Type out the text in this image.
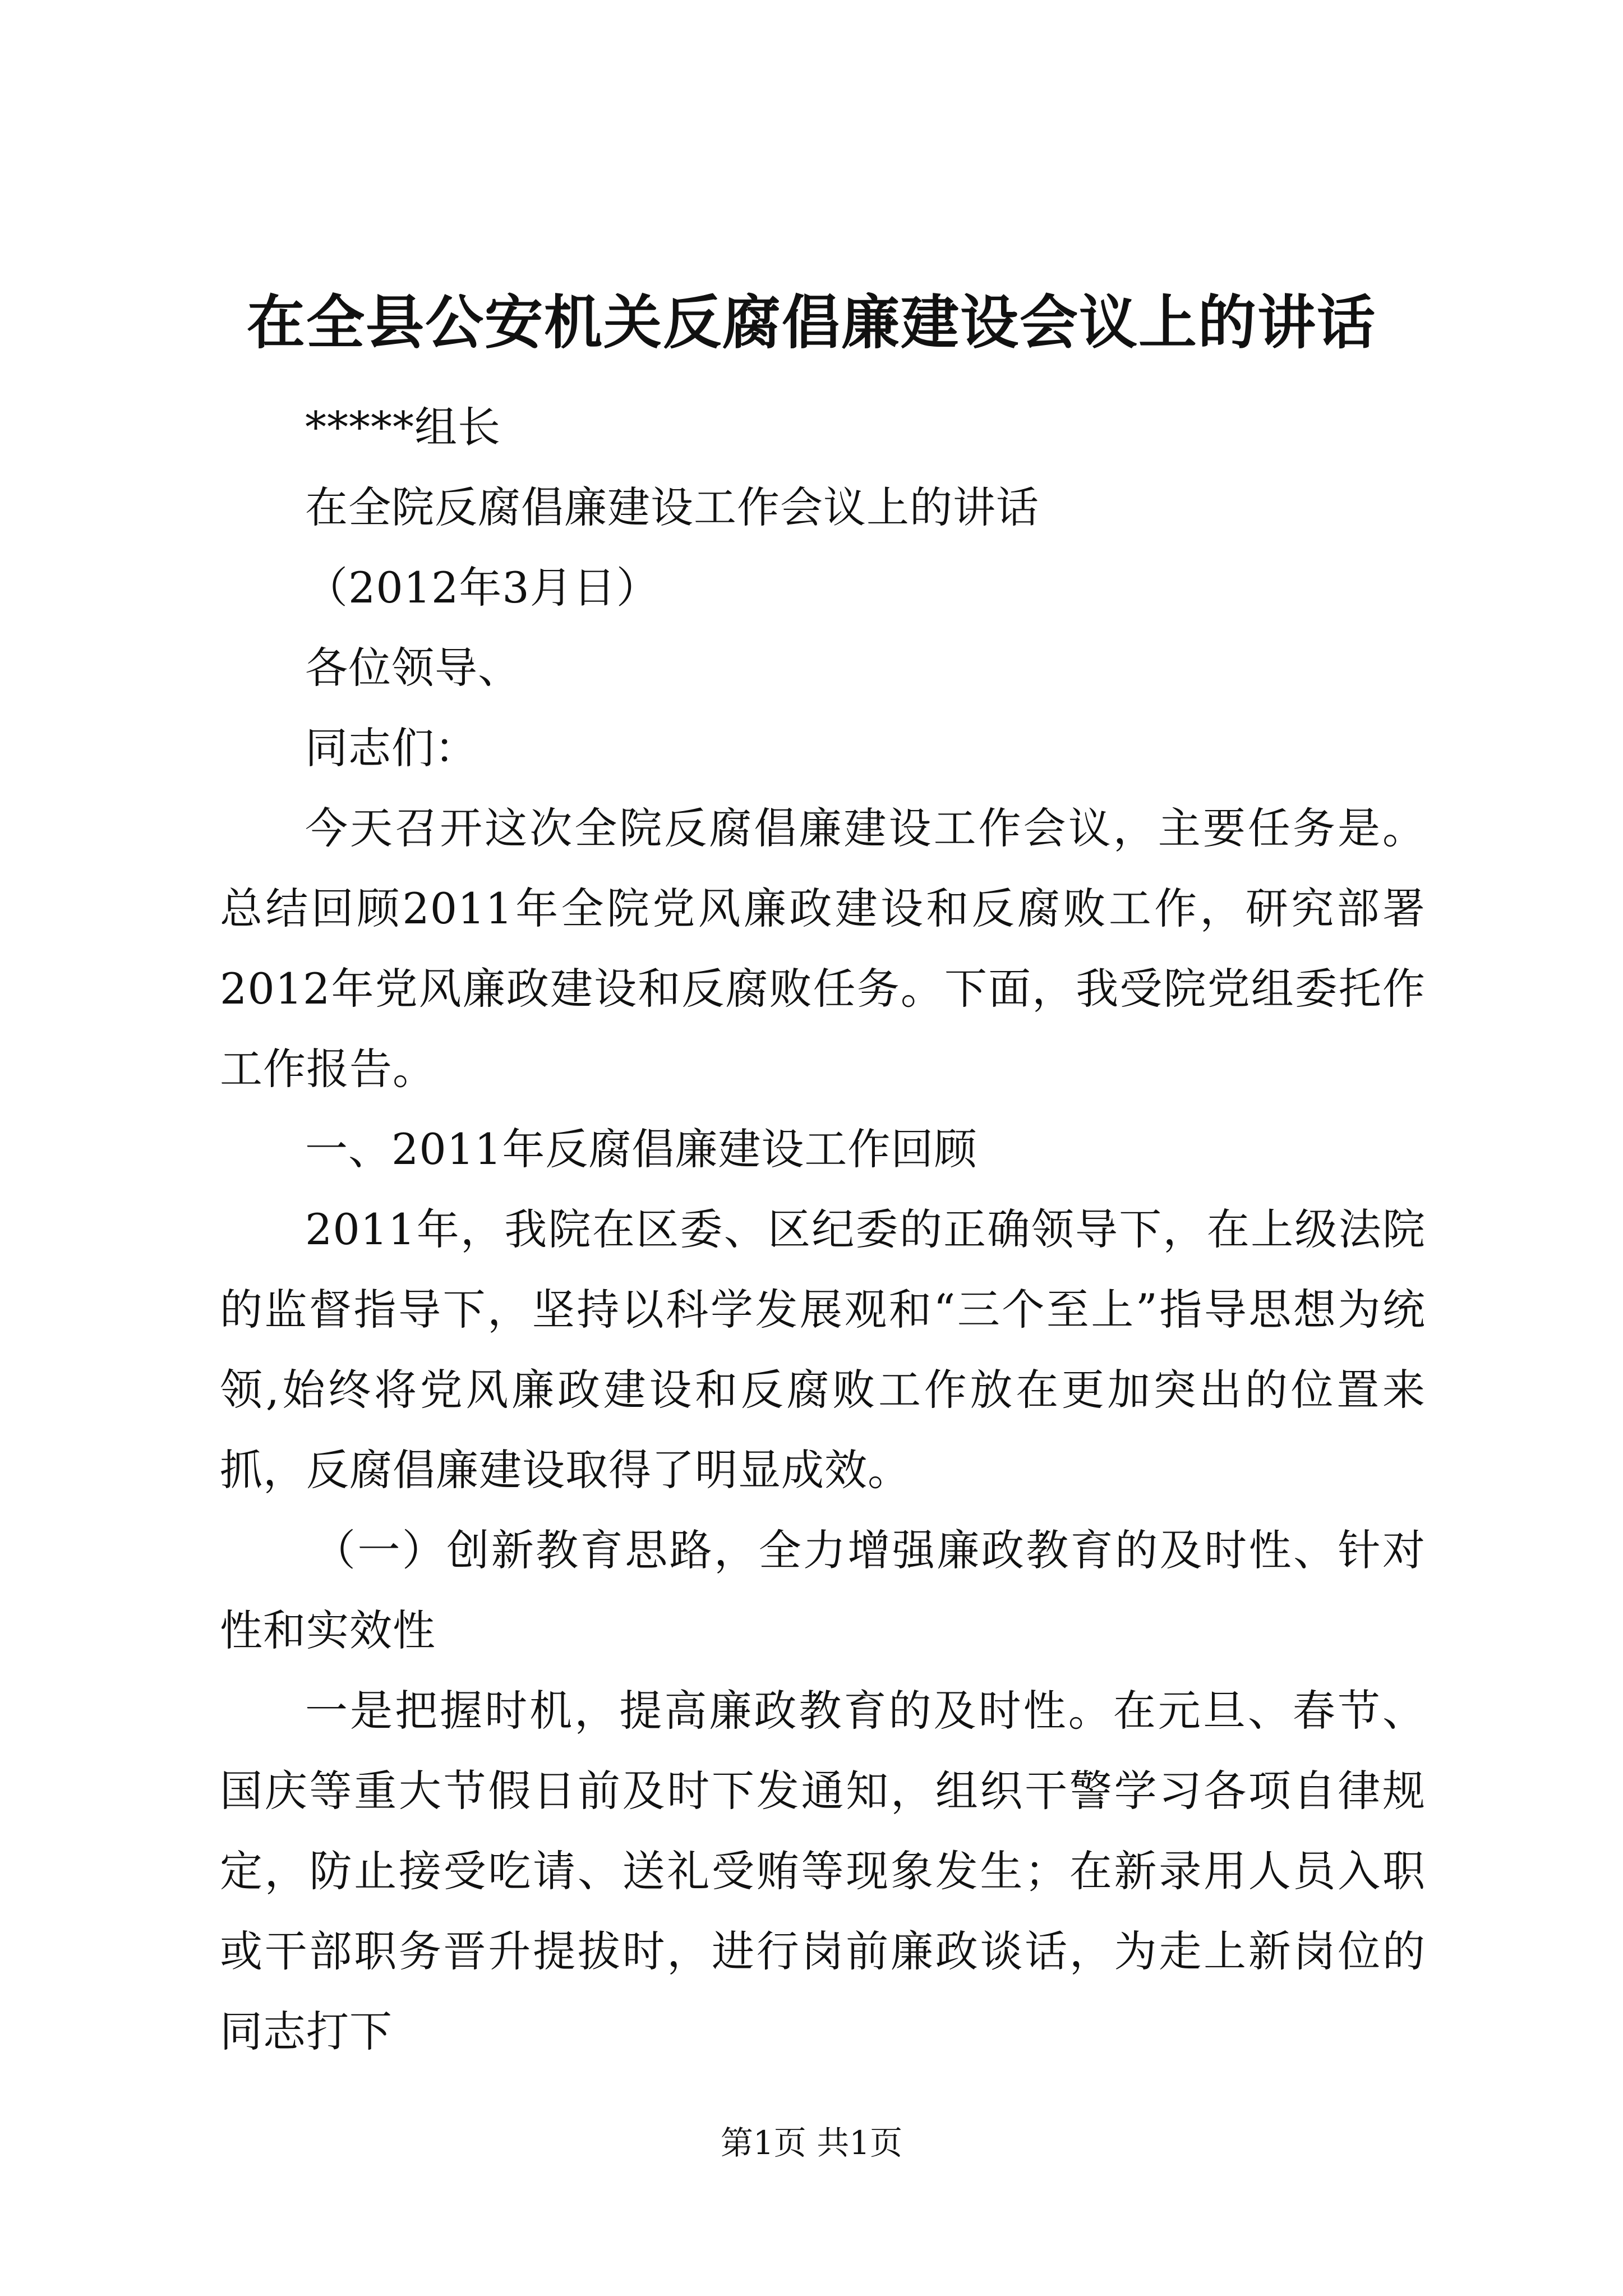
在全县公安机关反腐倡廉建设会议上的讲话

*****组长

在全院反腐倡廉建设工作会议上的讲话

（2012年3月日）

各位领导、

同志们：

今天召开这次全院反腐倡廉建设工作会议，主要任务是。总结回顾2011年全院党风廉政建设和反腐败工作，研究部署2012年党风廉政建设和反腐败任务。下面，我受院党组委托作工作报告。

一、2011年反腐倡廉建设工作回顾

2011年，我院在区委、区纪委的正确领导下，在上级法院的监督指导下，坚持以科学发展观和“三个至上”指导思想为统领,始终将党风廉政建设和反腐败工作放在更加突出的位置来抓，反腐倡廉建设取得了明显成效。

（一）创新教育思路，全力增强廉政教育的及时性、针对性和实效性

一是把握时机，提高廉政教育的及时性。在元旦、春节、国庆等重大节假日前及时下发通知，组织干警学习各项自律规定，防止接受吃请、送礼受贿等现象发生；在新录用人员入职或干部职务晋升提拔时，进行岗前廉政谈话，为走上新岗位的同志打下

第1页 共1页
